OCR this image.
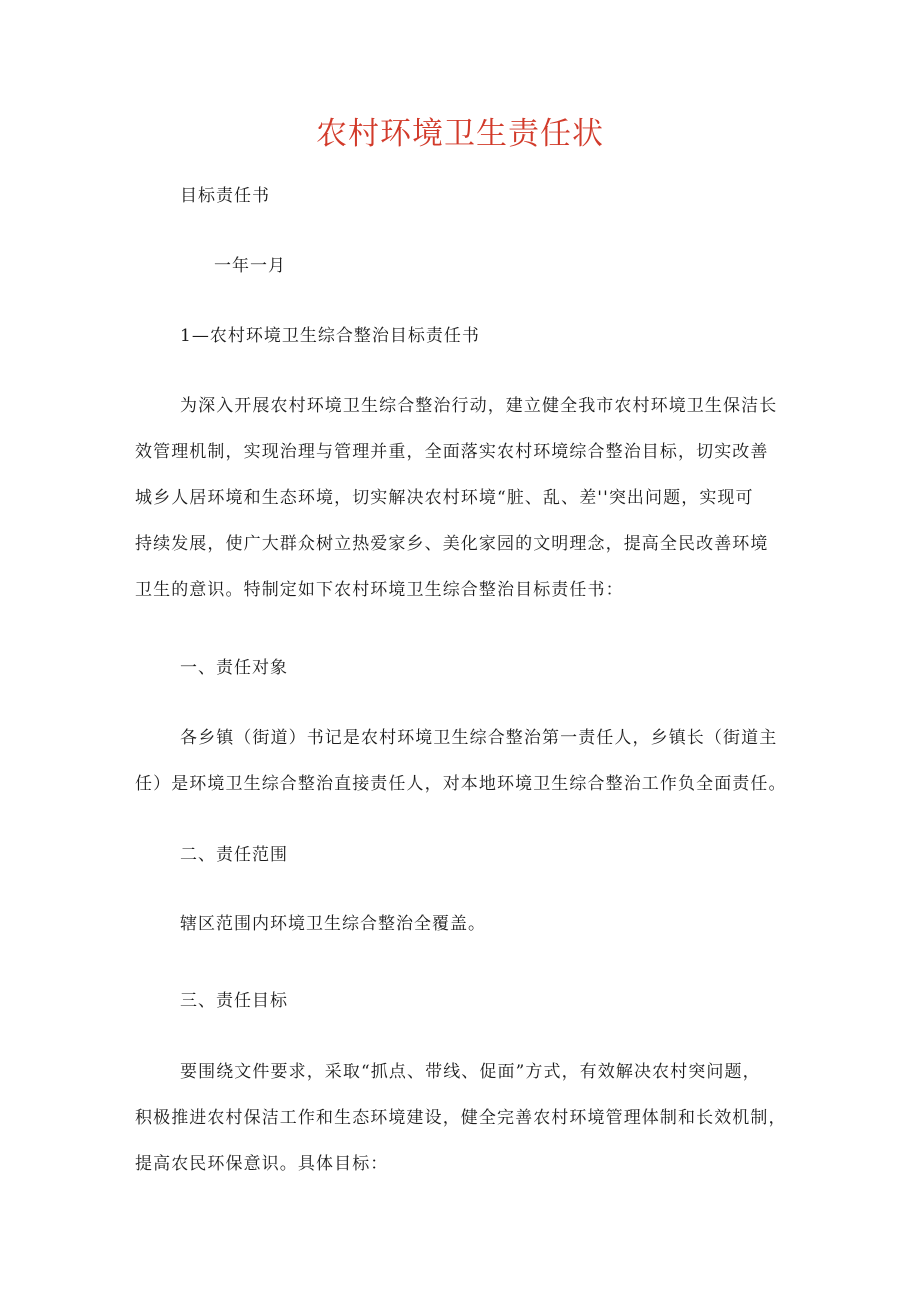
农村环境卫生责任状

目标责任书

一年一月

1—农村环境卫生综合整治目标责任书

为深入开展农村环境卫生综合整治行动，建立健全我市农村环境卫生保洁长
效管理机制，实现治理与管理并重，全面落实农村环境综合整治目标，切实改善
城乡人居环境和生态环境，切实解决农村环境“脏、乱、差''突出问题，实现可
持续发展，使广大群众树立热爱家乡、美化家园的文明理念，提高全民改善环境
卫生的意识。特制定如下农村环境卫生综合整治目标责任书：

一、责任对象

各乡镇（街道）书记是农村环境卫生综合整治第一责任人，乡镇长（街道主
任）是环境卫生综合整治直接责任人，对本地环境卫生综合整治工作负全面责任。

二、责任范围

辖区范围内环境卫生综合整治全覆盖。

三、责任目标

要围绕文件要求，采取“抓点、带线、促面”方式，有效解决农村突问题，
积极推进农村保洁工作和生态环境建设，健全完善农村环境管理体制和长效机制，
提高农民环保意识。具体目标：
